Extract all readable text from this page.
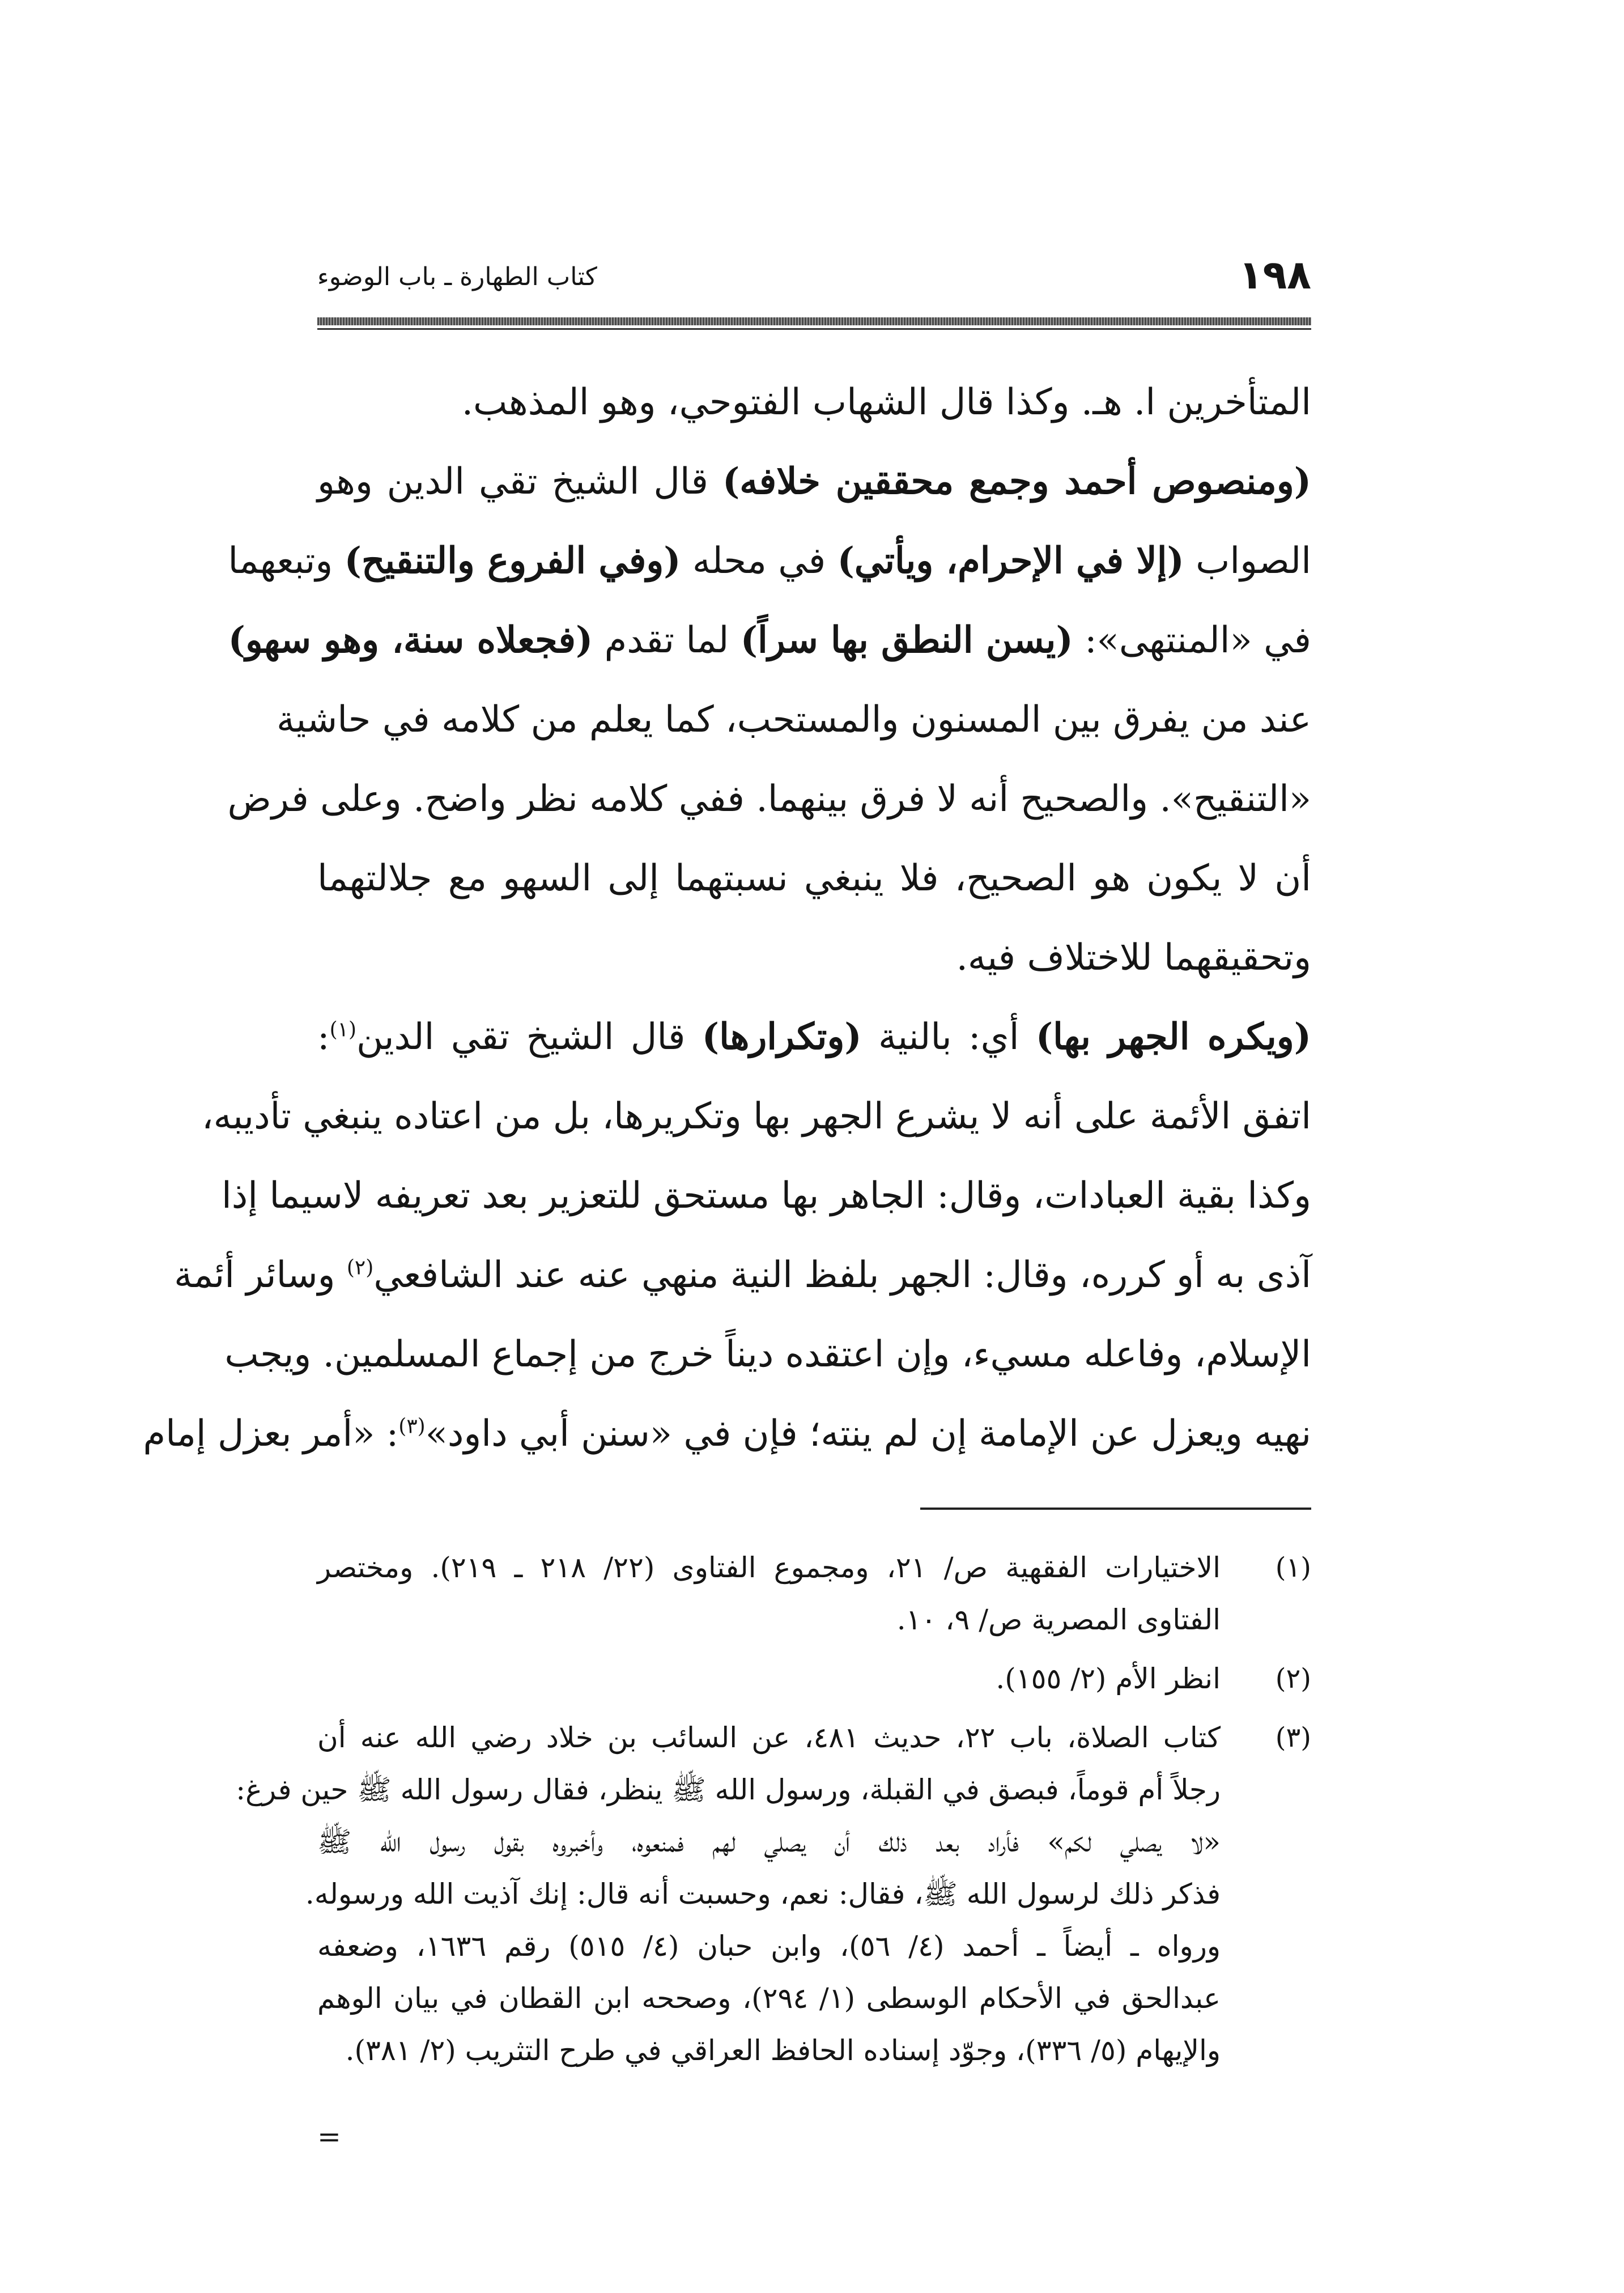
١٩٨
كتاب الطهارة ـ باب الوضوء
المتأخرين ا. هـ. وكذا قال الشهاب الفتوحي، وهو المذهب.
(ومنصوص أحمد وجمع محققين خلافه) قال الشيخ تقي الدين وهو
الصواب (إلا في الإحرام، ويأتي) في محله (وفي الفروع والتنقيح) وتبعهما
في «المنتهى»: (يسن النطق بها سراً) لما تقدم (فجعلاه سنة، وهو سهو)
عند من يفرق بين المسنون والمستحب، كما يعلم من كلامه في حاشية
«التنقيح». والصحيح أنه لا فرق بينهما. ففي كلامه نظر واضح. وعلى فرض
أن لا يكون هو الصحيح، فلا ينبغي نسبتهما إلى السهو مع جلالتهما
وتحقيقهما للاختلاف فيه.
(ويكره الجهر بها) أي: بالنية (وتكرارها) قال الشيخ تقي الدين$^{(١)}$:
اتفق الأئمة على أنه لا يشرع الجهر بها وتكريرها، بل من اعتاده ينبغي تأديبه،
وكذا بقية العبادات، وقال: الجاهر بها مستحق للتعزير بعد تعريفه لاسيما إذا
آذى به أو كرره، وقال: الجهر بلفظ النية منهي عنه عند الشافعي$^{(٢)}$ وسائر أئمة
الإسلام، وفاعله مسيء، وإن اعتقده ديناً خرج من إجماع المسلمين. ويجب
نهيه ويعزل عن الإمامة إن لم ينته؛ فإن في «سنن أبي داود»$^{(٣)}$: «أمر بعزل إمام
(١)
الاختيارات الفقهية ص/ ٢١، ومجموع الفتاوى (٢٢/ ٢١٨ ـ ٢١٩). ومختصر
الفتاوى المصرية ص/ ٩، ١٠.
(٢)
انظر الأم (٢/ ١٥٥).
(٣)
كتاب الصلاة، باب ٢٢، حديث ٤٨١، عن السائب بن خلاد رضي الله عنه أن
رجلاً أم قوماً، فبصق في القبلة، ورسول الله ﷺ ينظر، فقال رسول الله ﷺ حين فرغ:
«لا يصلي لكم» فأراد بعد ذلك أن يصلي لهم فمنعوه، وأخبروه بقول رسول الله ﷺ
فذكر ذلك لرسول الله ﷺ، فقال: نعم، وحسبت أنه قال: إنك آذيت الله ورسوله.
ورواه ـ أيضاً ـ أحمد (٤/ ٥٦)، وابن حبان (٤/ ٥١٥) رقم ١٦٣٦، وضعفه
عبدالحق في الأحكام الوسطى (١/ ٢٩٤)، وصححه ابن القطان في بيان الوهم
والإيهام (٥/ ٣٣٦)، وجوّد إسناده الحافظ العراقي في طرح التثريب (٢/ ٣٨١).
=
